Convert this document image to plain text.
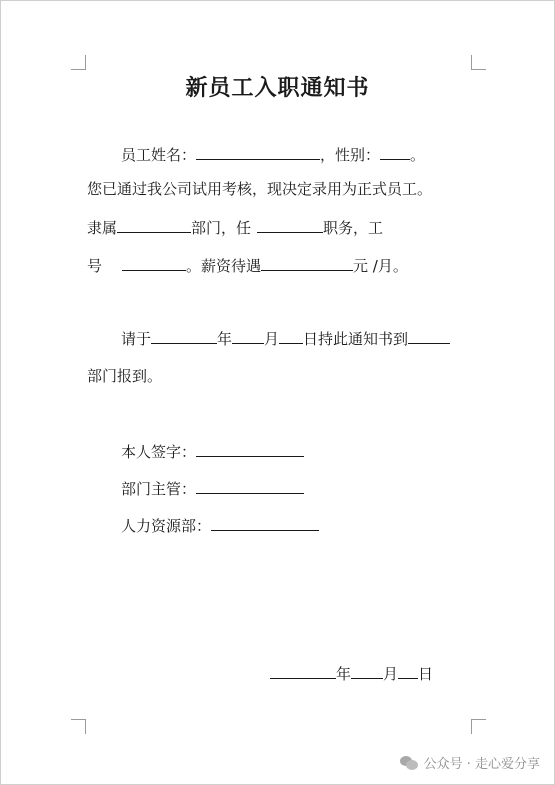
新员工入职通知书
员工姓名：	，性别： 。
您已通过我公司试用考核，现决定录用为正式员工。
隶属	部门，任	职务，工
号	。薪资待遇	元 /月。
请于	年 月 日持此通知书到
部门报到。
本人签字：
部门主管：
人力资源部：
年 月 日
公众号 · 走心爱分享
